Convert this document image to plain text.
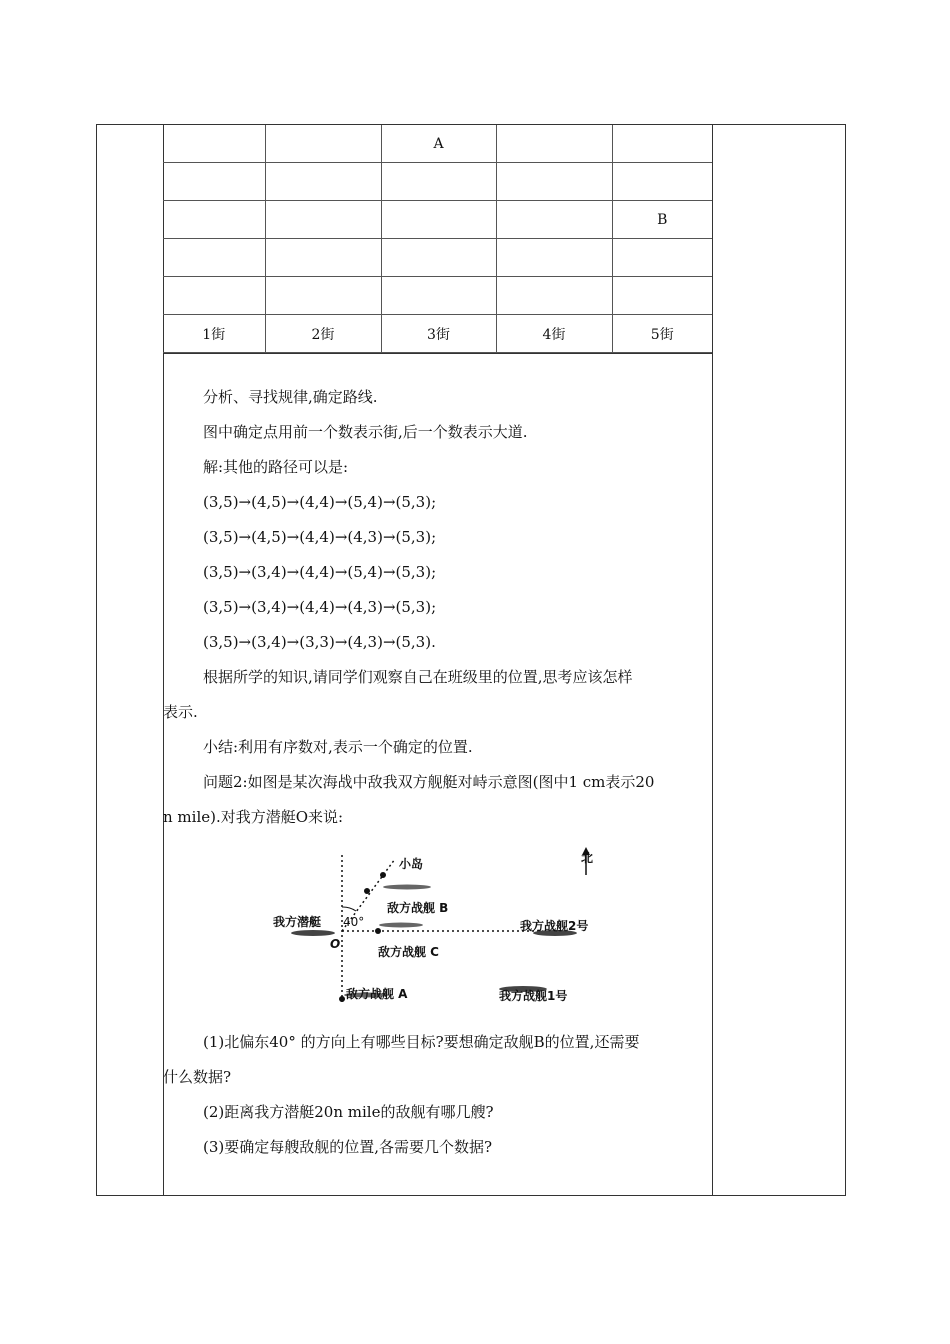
		A		

				B

1街	2街	3街	4街	5街

分析、寻找规律,确定路线.

图中确定点用前一个数表示街,后一个数表示大道.

解:其他的路径可以是:

(3,5)→(4,5)→(4,4)→(5,4)→(5,3);

(3,5)→(4,5)→(4,4)→(4,3)→(5,3);

(3,5)→(3,4)→(4,4)→(5,4)→(5,3);

(3,5)→(3,4)→(4,4)→(4,3)→(5,3);

(3,5)→(3,4)→(3,3)→(4,3)→(5,3).

根据所学的知识,请同学们观察自己在班级里的位置,思考应该怎样

表示.

小结:利用有序数对,表示一个确定的位置.

问题2:如图是某次海战中敌我双方舰艇对峙示意图(图中1 cm表示20

n mile).对我方潜艇O来说:

北
小岛
敌方战舰 B
我方潜艇 40°
O
敌方战舰 C
我方战舰2号
敌方战舰 A	我方战舰1号

(1)北偏东40° 的方向上有哪些目标?要想确定敌舰B的位置,还需要

什么数据?

(2)距离我方潜艇20n mile的敌舰有哪几艘?

(3)要确定每艘敌舰的位置,各需要几个数据?
